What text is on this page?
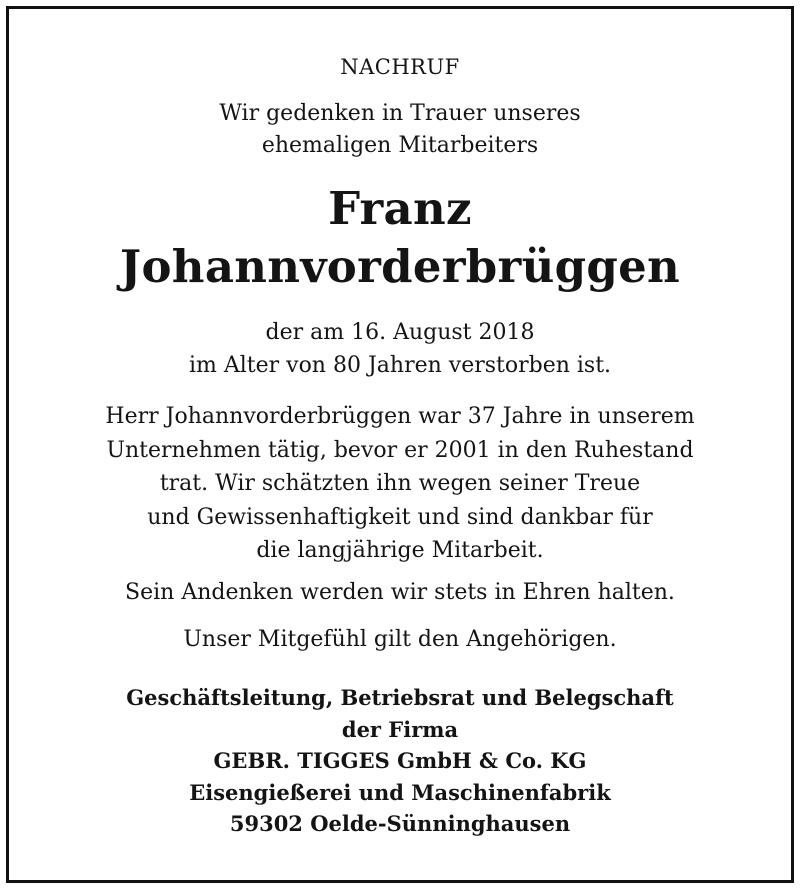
NACHRUF
Wir gedenken in Trauer unseres
ehemaligen Mitarbeiters
Franz
Johannvorderbrüggen
der am 16. August 2018
im Alter von 80 Jahren verstorben ist.
Herr Johannvorderbrüggen war 37 Jahre in unserem
Unternehmen tätig, bevor er 2001 in den Ruhestand
trat. Wir schätzten ihn wegen seiner Treue
und Gewissenhaftigkeit und sind dankbar für
die langjährige Mitarbeit.
Sein Andenken werden wir stets in Ehren halten.
Unser Mitgefühl gilt den Angehörigen.
Geschäftsleitung, Betriebsrat und Belegschaft
der Firma
GEBR. TIGGES GmbH & Co. KG
Eisengießerei und Maschinenfabrik
59302 Oelde-Sünninghausen
